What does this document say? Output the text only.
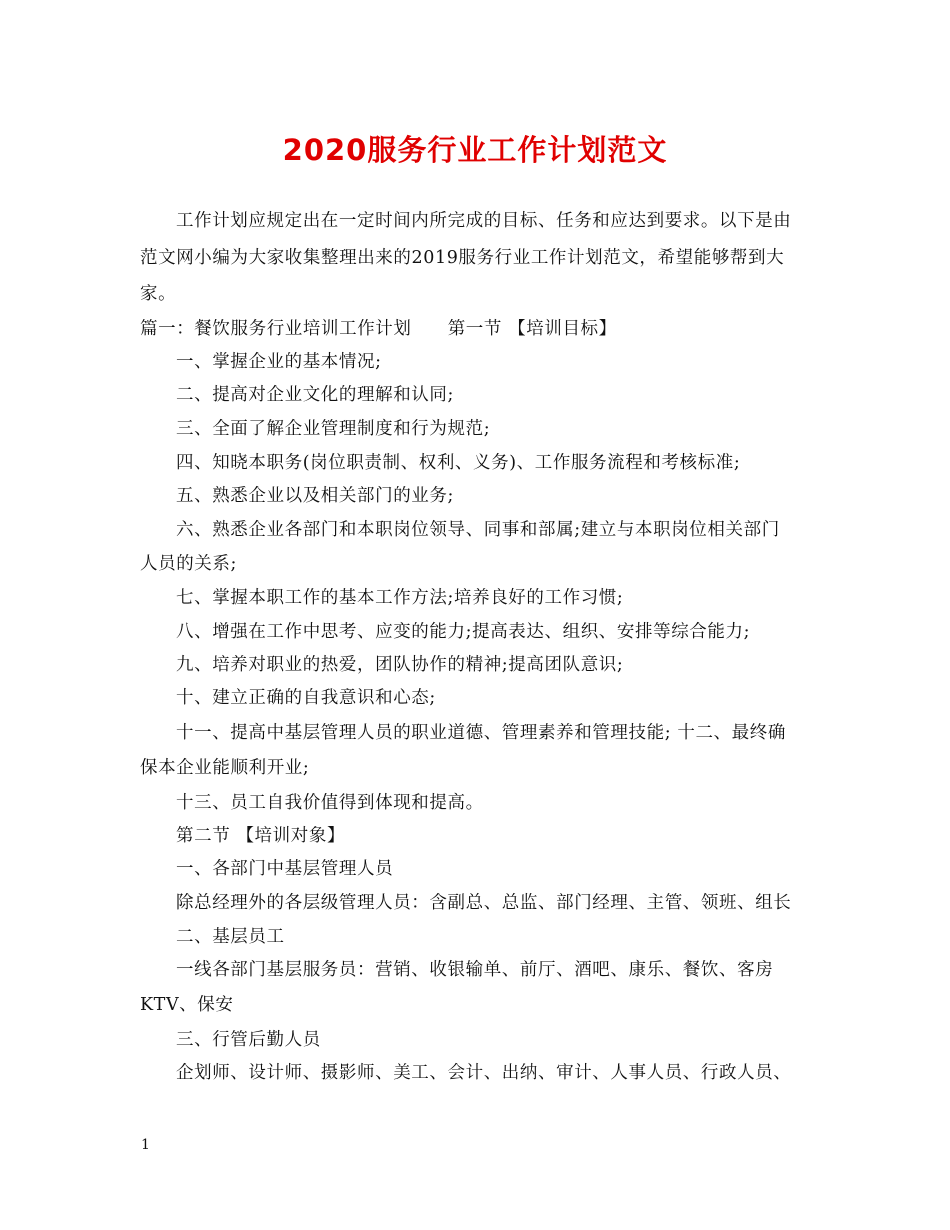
2020服务行业工作计划范文
工作计划应规定出在一定时间内所完成的目标、任务和应达到要求。以下是由
范文网小编为大家收集整理出来的2019服务行业工作计划范文，希望能够帮到大
家。
篇一：餐饮服务行业培训工作计划　　第一节 【培训目标】
一、掌握企业的基本情况;
二、提高对企业文化的理解和认同;
三、全面了解企业管理制度和行为规范;
四、知晓本职务(岗位职责制、权利、义务)、工作服务流程和考核标准;
五、熟悉企业以及相关部门的业务;
六、熟悉企业各部门和本职岗位领导、同事和部属;建立与本职岗位相关部门
人员的关系;
七、掌握本职工作的基本工作方法;培养良好的工作习惯;
八、增强在工作中思考、应变的能力;提高表达、组织、安排等综合能力;
九、培养对职业的热爱，团队协作的精神;提高团队意识;
十、建立正确的自我意识和心态;
十一、提高中基层管理人员的职业道德、管理素养和管理技能; 十二、最终确
保本企业能顺利开业;
十三、员工自我价值得到体现和提高。
第二节 【培训对象】
一、各部门中基层管理人员
除总经理外的各层级管理人员：含副总、总监、部门经理、主管、领班、组长
二、基层员工
一线各部门基层服务员：营销、收银输单、前厅、酒吧、康乐、餐饮、客房
KTV、保安
三、行管后勤人员
企划师、设计师、摄影师、美工、会计、出纳、审计、人事人员、行政人员、
1
